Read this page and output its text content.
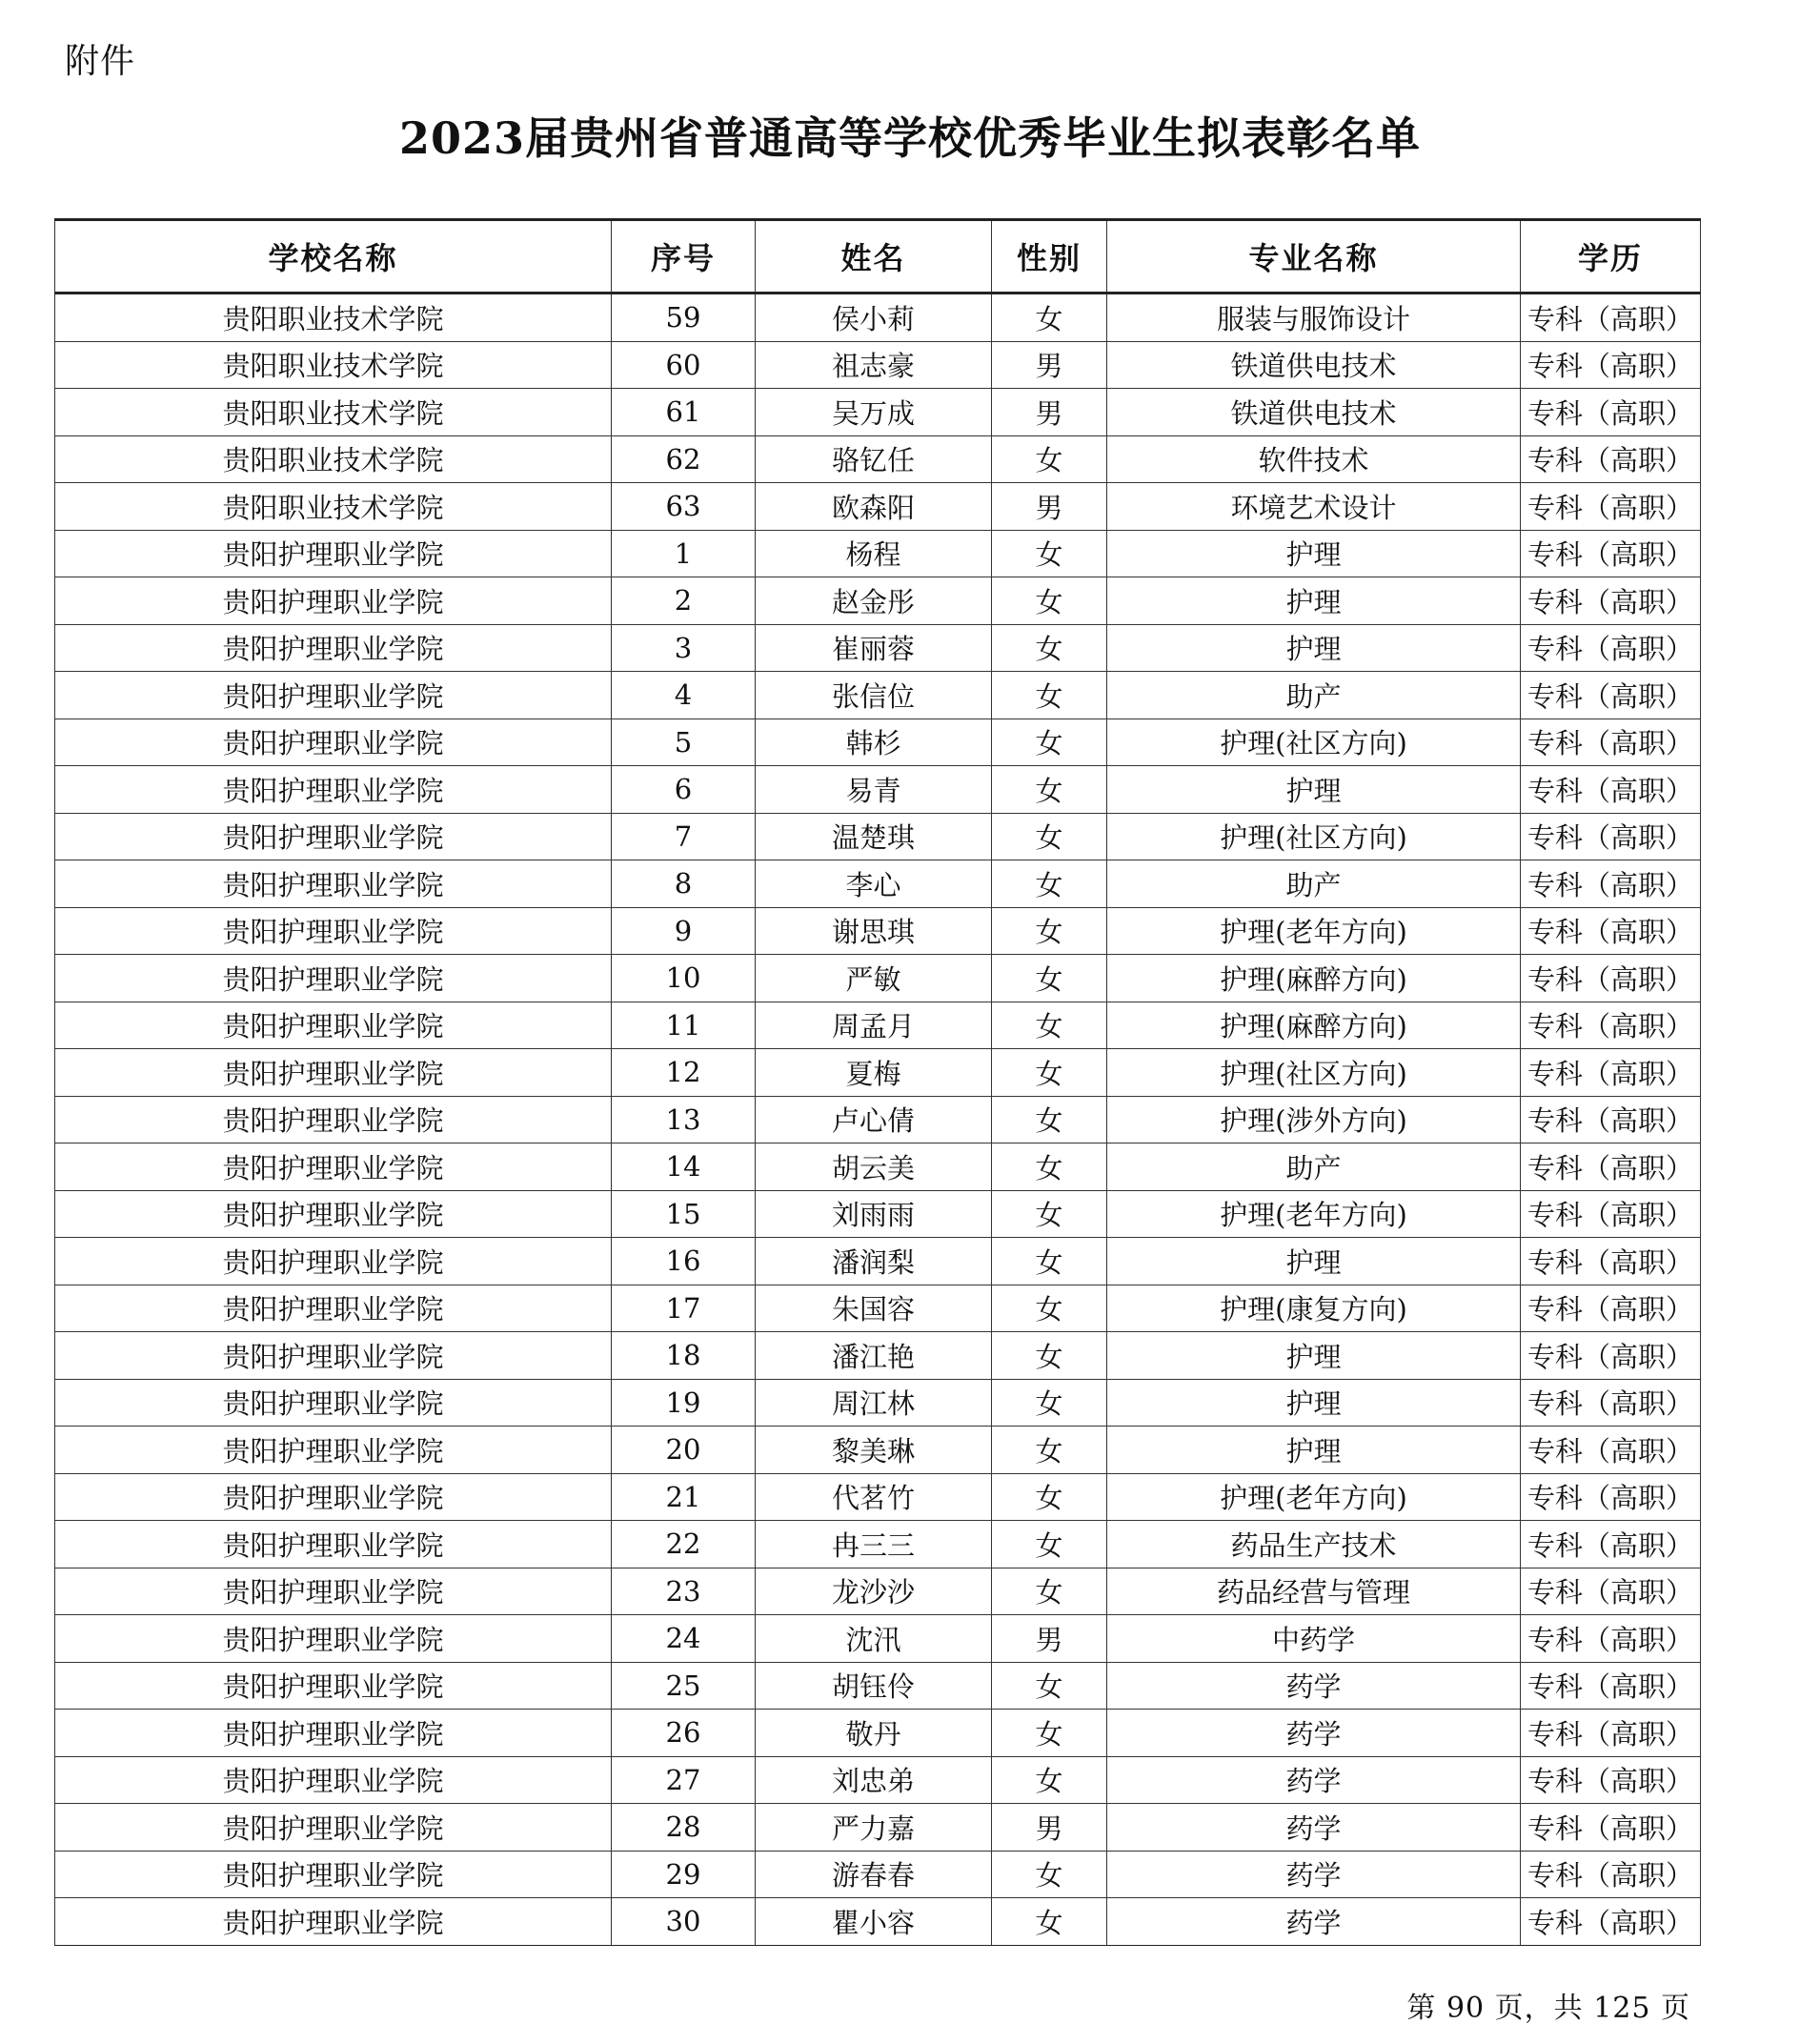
附件
2023届贵州省普通高等学校优秀毕业生拟表彰名单
学校名称	序号	姓名	性别	专业名称	学历
贵阳职业技术学院	59	侯小莉	女	服装与服饰设计	专科（高职）
贵阳职业技术学院	60	祖志豪	男	铁道供电技术	专科（高职）
贵阳职业技术学院	61	吴万成	男	铁道供电技术	专科（高职）
贵阳职业技术学院	62	骆钇任	女	软件技术	专科（高职）
贵阳职业技术学院	63	欧森阳	男	环境艺术设计	专科（高职）
贵阳护理职业学院	1	杨程	女	护理	专科（高职）
贵阳护理职业学院	2	赵金彤	女	护理	专科（高职）
贵阳护理职业学院	3	崔丽蓉	女	护理	专科（高职）
贵阳护理职业学院	4	张信位	女	助产	专科（高职）
贵阳护理职业学院	5	韩杉	女	护理(社区方向)	专科（高职）
贵阳护理职业学院	6	易青	女	护理	专科（高职）
贵阳护理职业学院	7	温楚琪	女	护理(社区方向)	专科（高职）
贵阳护理职业学院	8	李心	女	助产	专科（高职）
贵阳护理职业学院	9	谢思琪	女	护理(老年方向)	专科（高职）
贵阳护理职业学院	10	严敏	女	护理(麻醉方向)	专科（高职）
贵阳护理职业学院	11	周孟月	女	护理(麻醉方向)	专科（高职）
贵阳护理职业学院	12	夏梅	女	护理(社区方向)	专科（高职）
贵阳护理职业学院	13	卢心倩	女	护理(涉外方向)	专科（高职）
贵阳护理职业学院	14	胡云美	女	助产	专科（高职）
贵阳护理职业学院	15	刘雨雨	女	护理(老年方向)	专科（高职）
贵阳护理职业学院	16	潘润梨	女	护理	专科（高职）
贵阳护理职业学院	17	朱国容	女	护理(康复方向)	专科（高职）
贵阳护理职业学院	18	潘江艳	女	护理	专科（高职）
贵阳护理职业学院	19	周江林	女	护理	专科（高职）
贵阳护理职业学院	20	黎美琳	女	护理	专科（高职）
贵阳护理职业学院	21	代茗竹	女	护理(老年方向)	专科（高职）
贵阳护理职业学院	22	冉三三	女	药品生产技术	专科（高职）
贵阳护理职业学院	23	龙沙沙	女	药品经营与管理	专科（高职）
贵阳护理职业学院	24	沈汛	男	中药学	专科（高职）
贵阳护理职业学院	25	胡钰伶	女	药学	专科（高职）
贵阳护理职业学院	26	敬丹	女	药学	专科（高职）
贵阳护理职业学院	27	刘忠弟	女	药学	专科（高职）
贵阳护理职业学院	28	严力嘉	男	药学	专科（高职）
贵阳护理职业学院	29	游春春	女	药学	专科（高职）
贵阳护理职业学院	30	瞿小容	女	药学	专科（高职）
第 90 页，共 125 页
